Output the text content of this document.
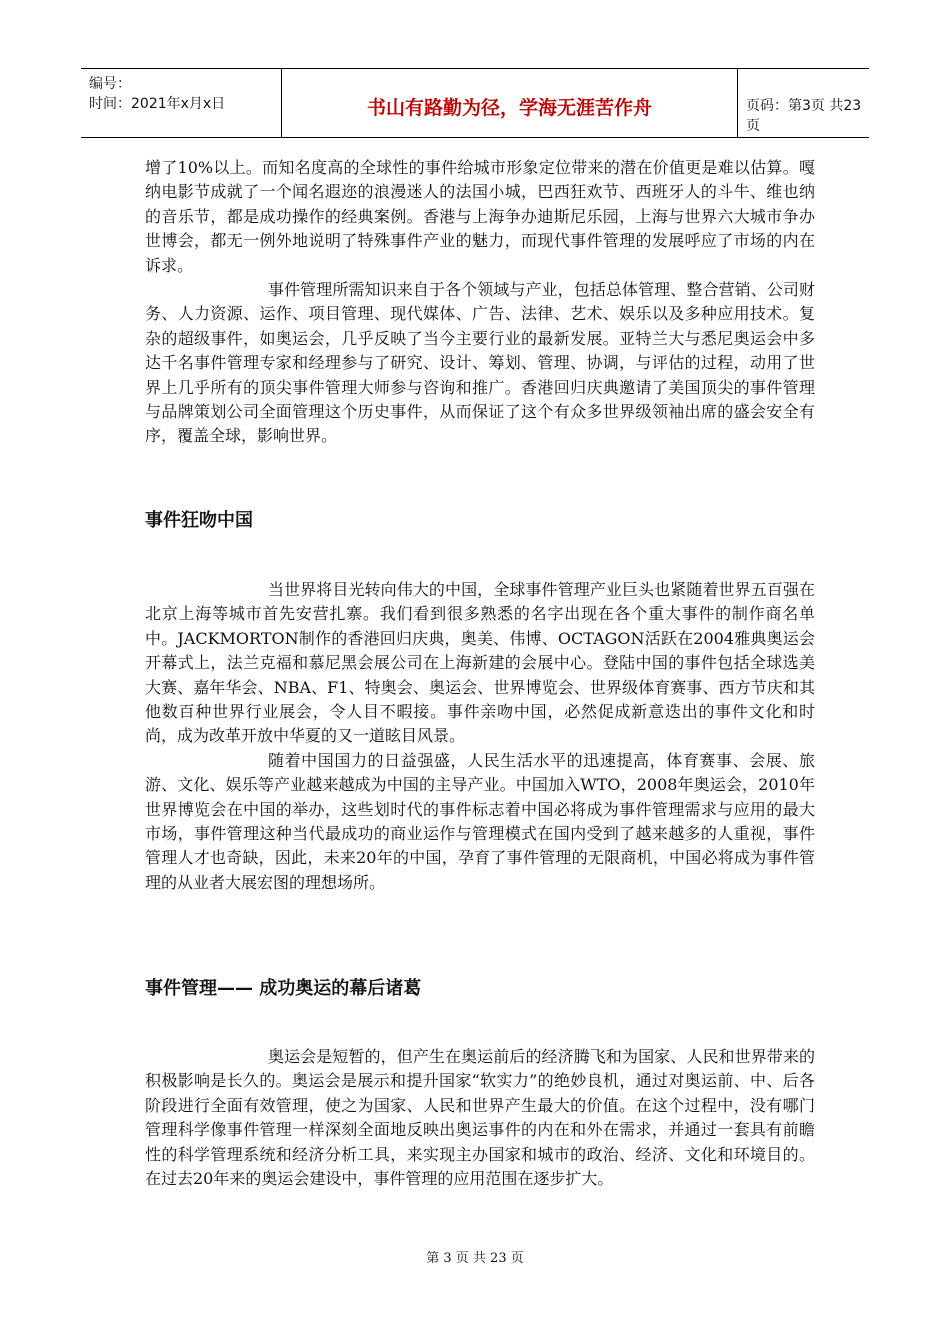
编号：
时间：2021年x月x日	书山有路勤为径，学海无涯苦作舟	页码：第3页 共23页

增了10%以上。而知名度高的全球性的事件给城市形象定位带来的潜在价值更是难以估算。嘎纳电影节成就了一个闻名遐迩的浪漫迷人的法国小城，巴西狂欢节、西班牙人的斗牛、维也纳的音乐节，都是成功操作的经典案例。香港与上海争办迪斯尼乐园，上海与世界六大城市争办世博会，都无一例外地说明了特殊事件产业的魅力，而现代事件管理的发展呼应了市场的内在诉求。

事件管理所需知识来自于各个领域与产业，包括总体管理、整合营销、公司财务、人力资源、运作、项目管理、现代媒体、广告、法律、艺术、娱乐以及多种应用技术。复杂的超级事件，如奥运会，几乎反映了当今主要行业的最新发展。亚特兰大与悉尼奥运会中多达千名事件管理专家和经理参与了研究、设计、筹划、管理、协调，与评估的过程，动用了世界上几乎所有的顶尖事件管理大师参与咨询和推广。香港回归庆典邀请了美国顶尖的事件管理与品牌策划公司全面管理这个历史事件，从而保证了这个有众多世界级领袖出席的盛会安全有序，覆盖全球，影响世界。

事件狂吻中国

当世界将目光转向伟大的中国，全球事件管理产业巨头也紧随着世界五百强在北京上海等城市首先安营扎寨。我们看到很多熟悉的名字出现在各个重大事件的制作商名单中。JACKMORTON制作的香港回归庆典，奥美、伟博、OCTAGON活跃在2004雅典奥运会开幕式上，法兰克福和慕尼黑会展公司在上海新建的会展中心。登陆中国的事件包括全球选美大赛、嘉年华会、NBA、F1、特奥会、奥运会、世界博览会、世界级体育赛事、西方节庆和其他数百种世界行业展会，令人目不暇接。事件亲吻中国，必然促成新意迭出的事件文化和时尚，成为改革开放中华夏的又一道眩目风景。

随着中国国力的日益强盛，人民生活水平的迅速提高，体育赛事、会展、旅游、文化、娱乐等产业越来越成为中国的主导产业。中国加入WTO，2008年奥运会，2010年世界博览会在中国的举办，这些划时代的事件标志着中国必将成为事件管理需求与应用的最大市场，事件管理这种当代最成功的商业运作与管理模式在国内受到了越来越多的人重视，事件管理人才也奇缺，因此，未来20年的中国，孕育了事件管理的无限商机，中国必将成为事件管理的从业者大展宏图的理想场所。

事件管理—— 成功奥运的幕后诸葛

奥运会是短暂的，但产生在奥运前后的经济腾飞和为国家、人民和世界带来的积极影响是长久的。奥运会是展示和提升国家“软实力”的绝妙良机，通过对奥运前、中、后各阶段进行全面有效管理，使之为国家、人民和世界产生最大的价值。在这个过程中，没有哪门管理科学像事件管理一样深刻全面地反映出奥运事件的内在和外在需求，并通过一套具有前瞻性的科学管理系统和经济分析工具，来实现主办国家和城市的政治、经济、文化和环境目的。在过去20年来的奥运会建设中，事件管理的应用范围在逐步扩大。

第 3 页 共 23 页
